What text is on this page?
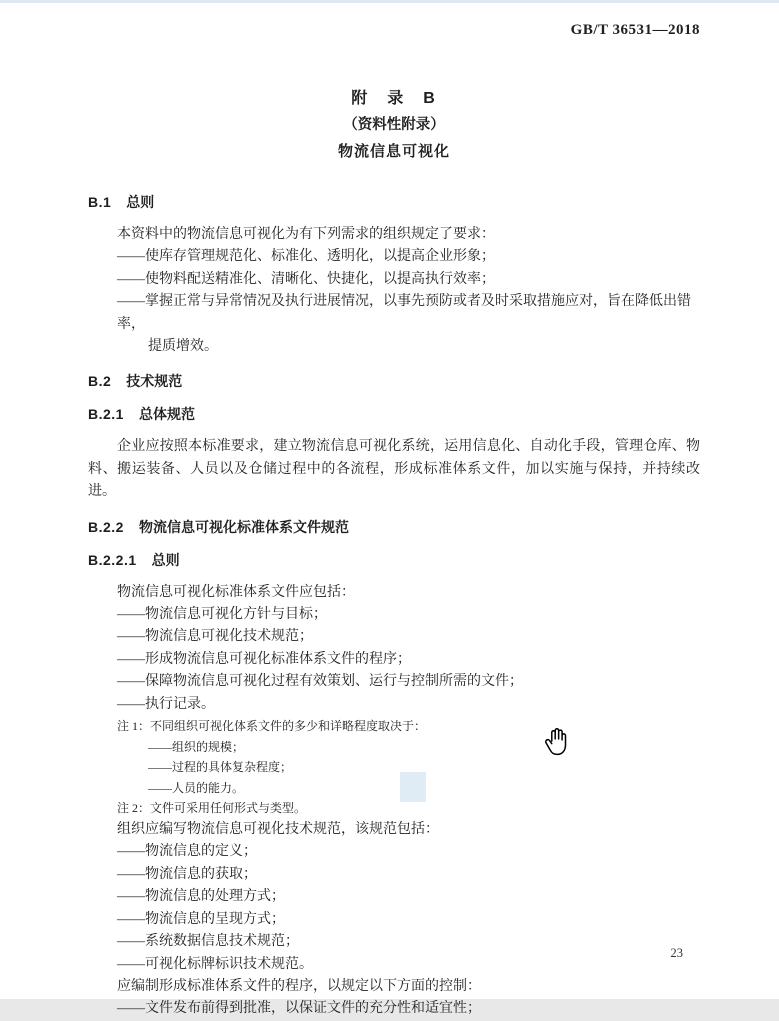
GB/T 36531—2018
附　录　B
（资料性附录）
物流信息可视化
B.1 总则
本资料中的物流信息可视化为有下列需求的组织规定了要求：
——使库存管理规范化、标准化、透明化，以提高企业形象；
——使物料配送精准化、清晰化、快捷化，以提高执行效率；
——掌握正常与异常情况及执行进展情况，以事先预防或者及时采取措施应对，旨在降低出错率，
提质增效。
B.2 技术规范
B.2.1 总体规范
企业应按照本标准要求，建立物流信息可视化系统，运用信息化、自动化手段，管理仓库、物料、搬运装备、人员以及仓储过程中的各流程，形成标准体系文件，加以实施与保持，并持续改进。
B.2.2 物流信息可视化标准体系文件规范
B.2.2.1 总则
物流信息可视化标准体系文件应包括：
——物流信息可视化方针与目标；
——物流信息可视化技术规范；
——形成物流信息可视化标准体系文件的程序；
——保障物流信息可视化过程有效策划、运行与控制所需的文件；
——执行记录。
注 1：不同组织可视化体系文件的多少和详略程度取决于：
——组织的规模；
——过程的具体复杂程度；
——人员的能力。
注 2：文件可采用任何形式与类型。
组织应编写物流信息可视化技术规范，该规范包括：
——物流信息的定义；
——物流信息的获取；
——物流信息的处理方式；
——物流信息的呈现方式；
——系统数据信息技术规范；
——可视化标牌标识技术规范。
应编制形成标准体系文件的程序，以规定以下方面的控制：
——文件发布前得到批准，以保证文件的充分性和适宜性；
23
